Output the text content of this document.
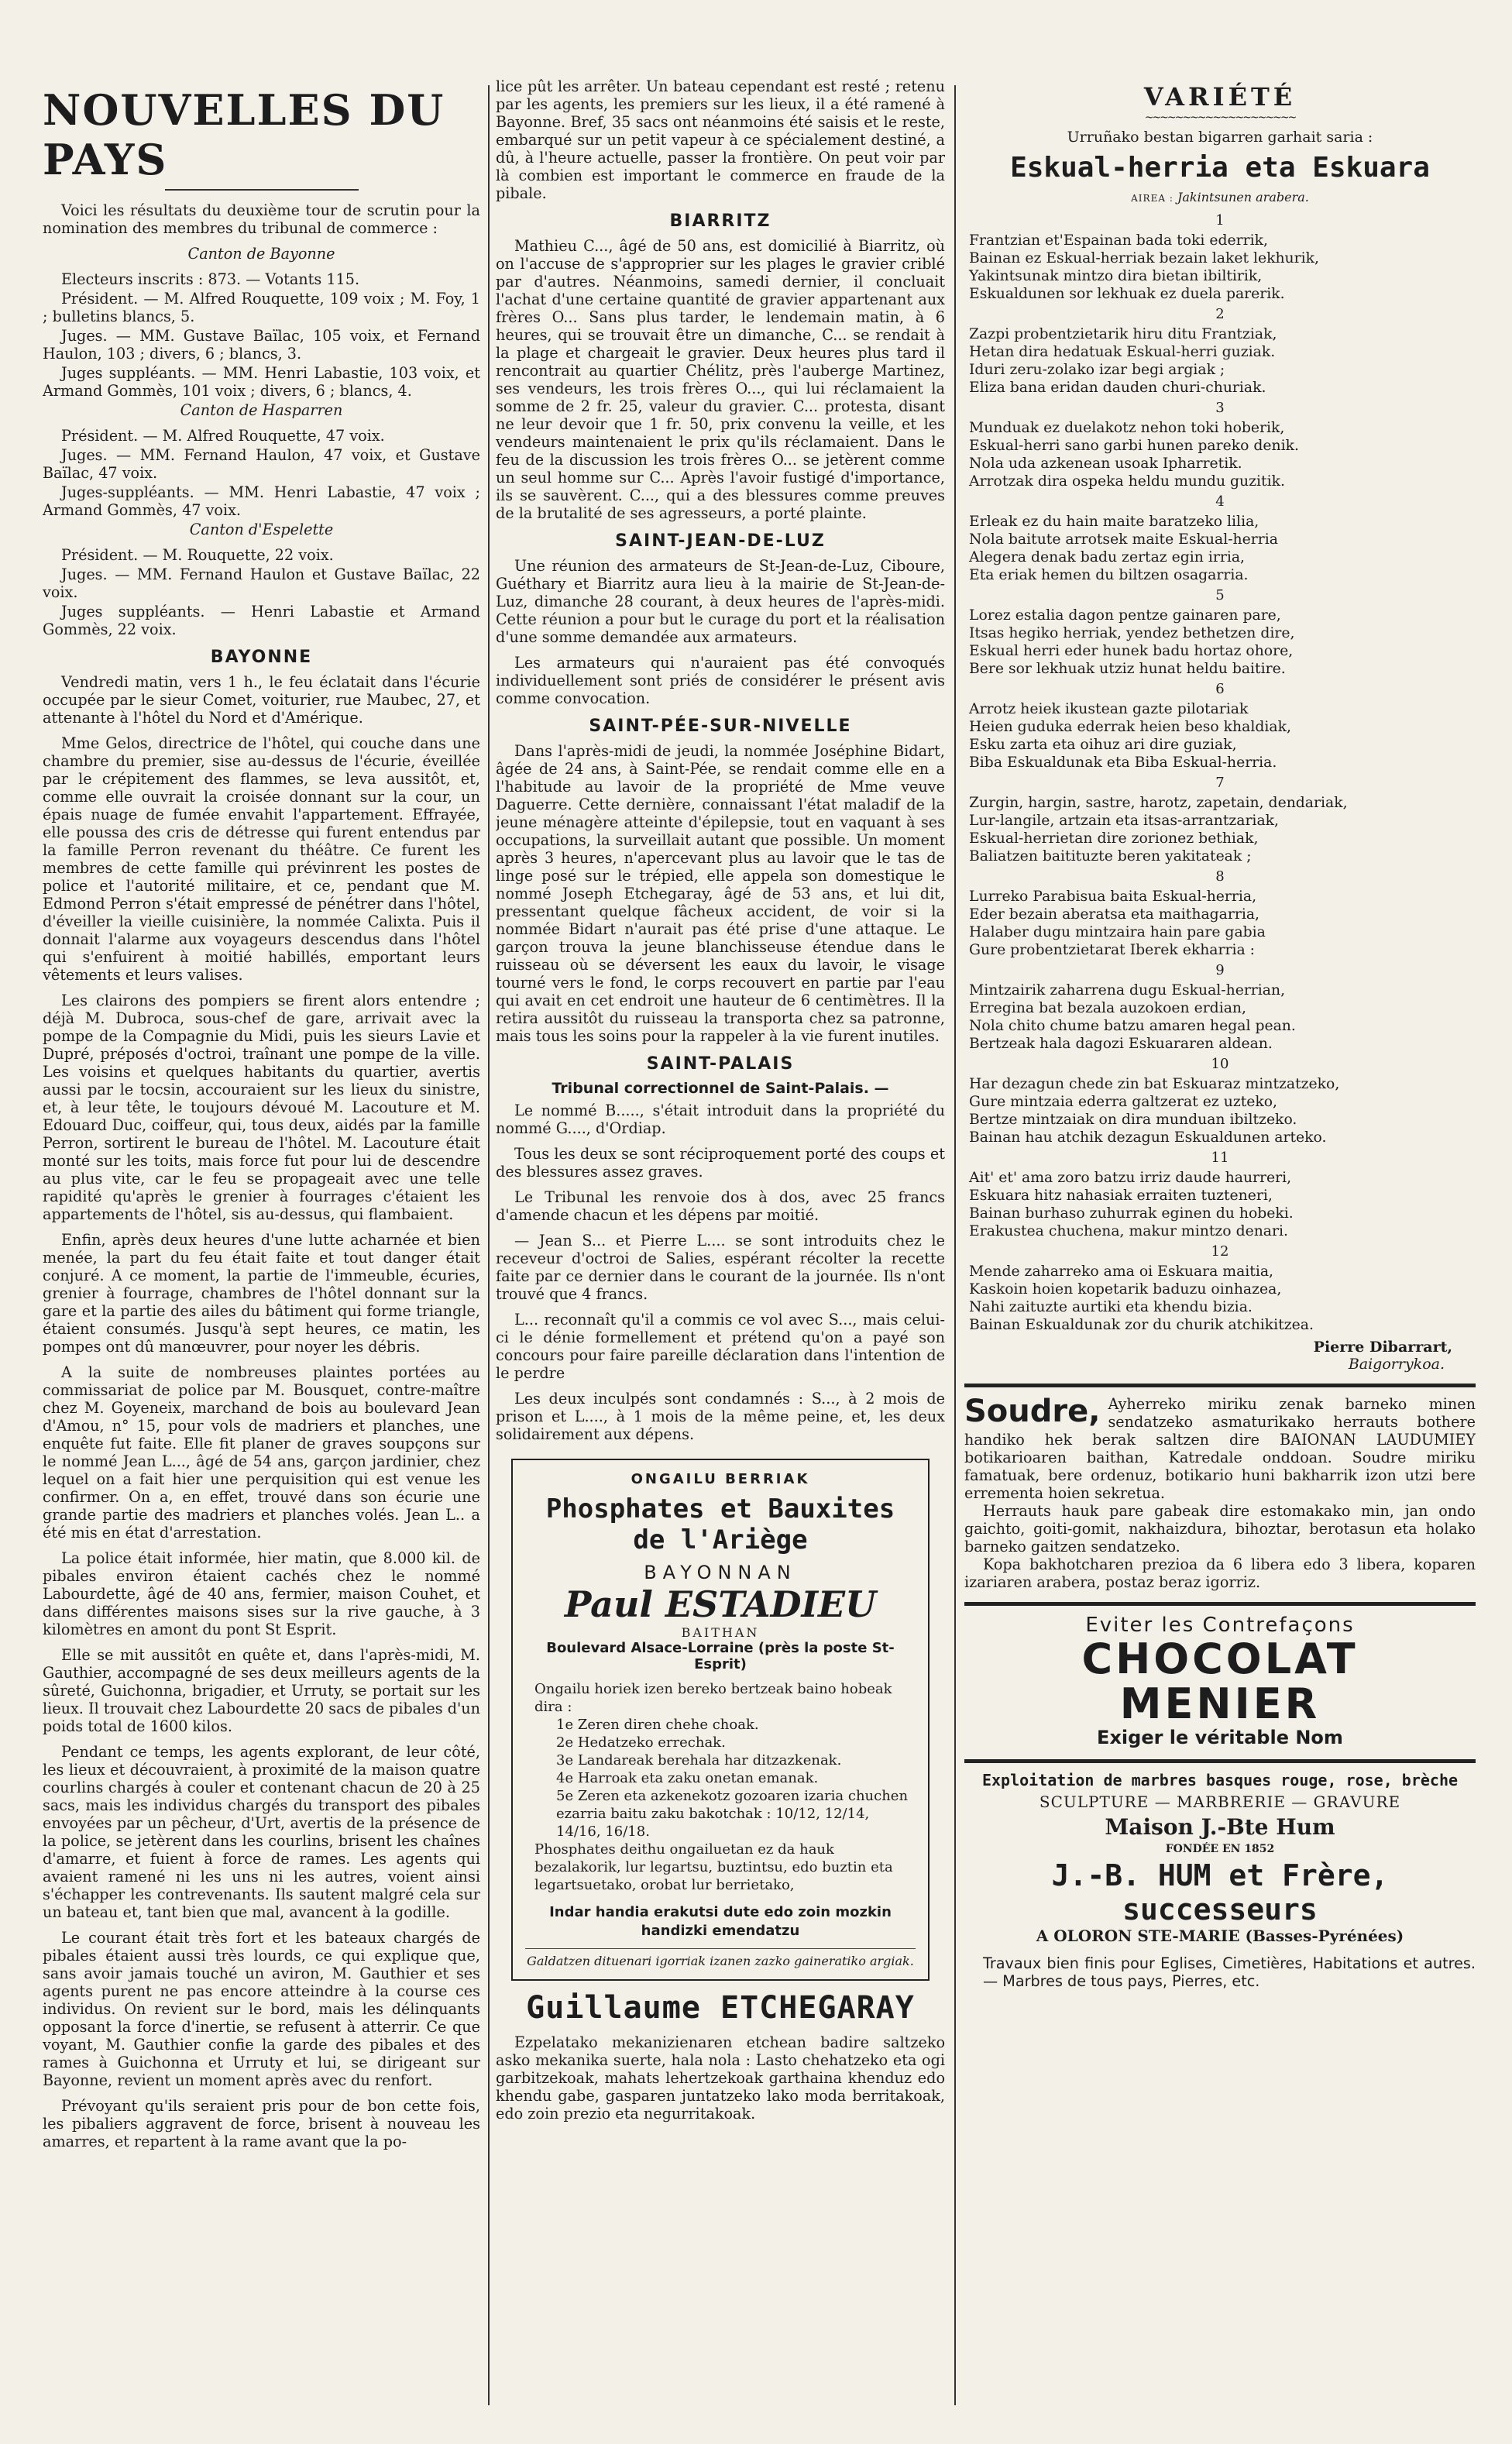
NOUVELLES DU PAYS

Voici les résultats du deuxième tour de scrutin pour la nomination des membres du tribunal de commerce :

Canton de Bayonne

Electeurs inscrits : 873. — Votants 115.

Président. — M. Alfred Rouquette, 109 voix ; M. Foy, 1 ; bulletins blancs, 5.

Juges. — MM. Gustave Baïlac, 105 voix, et Fernand Haulon, 103 ; divers, 6 ; blancs, 3.

Juges suppléants. — MM. Henri Labastie, 103 voix, et Armand Gommès, 101 voix ; divers, 6 ; blancs, 4.

Canton de Hasparren

Président. — M. Alfred Rouquette, 47 voix.

Juges. — MM. Fernand Haulon, 47 voix, et Gustave Baïlac, 47 voix.

Juges-suppléants. — MM. Henri Labastie, 47 voix ; Armand Gommès, 47 voix.

Canton d'Espelette

Président. — M. Rouquette, 22 voix.

Juges. — MM. Fernand Haulon et Gustave Baïlac, 22 voix.

Juges suppléants. — Henri Labastie et Armand Gommès, 22 voix.

BAYONNE

Vendredi matin, vers 1 h., le feu éclatait dans l'écurie occupée par le sieur Comet, voiturier, rue Maubec, 27, et attenante à l'hôtel du Nord et d'Amérique.

Mme Gelos, directrice de l'hôtel, qui couche dans une chambre du premier, sise au-dessus de l'écurie, éveillée par le crépitement des flammes, se leva aussitôt, et, comme elle ouvrait la croisée donnant sur la cour, un épais nuage de fumée envahit l'appartement. Effrayée, elle poussa des cris de détresse qui furent entendus par la famille Perron revenant du théâtre. Ce furent les membres de cette famille qui prévinrent les postes de police et l'autorité militaire, et ce, pendant que M. Edmond Perron s'était empressé de pénétrer dans l'hôtel, d'éveiller la vieille cuisinière, la nommée Calixta. Puis il donnait l'alarme aux voyageurs descendus dans l'hôtel qui s'enfuirent à moitié habillés, emportant leurs vêtements et leurs valises.

Les clairons des pompiers se firent alors entendre ; déjà M. Dubroca, sous-chef de gare, arrivait avec la pompe de la Compagnie du Midi, puis les sieurs Lavie et Dupré, préposés d'octroi, traînant une pompe de la ville. Les voisins et quelques habitants du quartier, avertis aussi par le tocsin, accouraient sur les lieux du sinistre, et, à leur tête, le toujours dévoué M. Lacouture et M. Edouard Duc, coiffeur, qui, tous deux, aidés par la famille Perron, sortirent le bureau de l'hôtel. M. Lacouture était monté sur les toits, mais force fut pour lui de descendre au plus vite, car le feu se propageait avec une telle rapidité qu'après le grenier à fourrages c'étaient les appartements de l'hôtel, sis au-dessus, qui flambaient.

Enfin, après deux heures d'une lutte acharnée et bien menée, la part du feu était faite et tout danger était conjuré. A ce moment, la partie de l'immeuble, écuries, grenier à fourrage, chambres de l'hôtel donnant sur la gare et la partie des ailes du bâtiment qui forme triangle, étaient consumés. Jusqu'à sept heures, ce matin, les pompes ont dû manœuvrer, pour noyer les débris.

A la suite de nombreuses plaintes portées au commissariat de police par M. Bousquet, contre-maître chez M. Goyeneix, marchand de bois au boulevard Jean d'Amou, n° 15, pour vols de madriers et planches, une enquête fut faite. Elle fit planer de graves soupçons sur le nommé Jean L..., âgé de 54 ans, garçon jardinier, chez lequel on a fait hier une perquisition qui est venue les confirmer. On a, en effet, trouvé dans son écurie une grande partie des madriers et planches volés. Jean L.. a été mis en état d'arrestation.

La police était informée, hier matin, que 8.000 kil. de pibales environ étaient cachés chez le nommé Labourdette, âgé de 40 ans, fermier, maison Couhet, et dans différentes maisons sises sur la rive gauche, à 3 kilomètres en amont du pont St Esprit.

Elle se mit aussitôt en quête et, dans l'après-midi, M. Gauthier, accompagné de ses deux meilleurs agents de la sûreté, Guichonna, brigadier, et Urruty, se portait sur les lieux. Il trouvait chez Labourdette 20 sacs de pibales d'un poids total de 1600 kilos.

Pendant ce temps, les agents explorant, de leur côté, les lieux et découvraient, à proximité de la maison quatre courlins chargés à couler et contenant chacun de 20 à 25 sacs, mais les individus chargés du transport des pibales envoyées par un pêcheur, d'Urt, avertis de la présence de la police, se jetèrent dans les courlins, brisent les chaînes d'amarre, et fuient à force de rames. Les agents qui avaient ramené ni les uns ni les autres, voient ainsi s'échapper les contrevenants. Ils sautent malgré cela sur un bateau et, tant bien que mal, avancent à la godille.

Le courant était très fort et les bateaux chargés de pibales étaient aussi très lourds, ce qui explique que, sans avoir jamais touché un aviron, M. Gauthier et ses agents purent ne pas encore atteindre à la course ces individus. On revient sur le bord, mais les délinquants opposant la force d'inertie, se refusent à atterrir. Ce que voyant, M. Gauthier confie la garde des pibales et des rames à Guichonna et Urruty et lui, se dirigeant sur Bayonne, revient un moment après avec du renfort.

Prévoyant qu'ils seraient pris pour de bon cette fois, les pibaliers aggravent de force, brisent à nouveau les amarres, et repartent à la rame avant que la po-

lice pût les arrêter. Un bateau cependant est resté ; retenu par les agents, les premiers sur les lieux, il a été ramené à Bayonne. Bref, 35 sacs ont néanmoins été saisis et le reste, embarqué sur un petit vapeur à ce spécialement destiné, a dû, à l'heure actuelle, passer la frontière. On peut voir par là combien est important le commerce en fraude de la pibale.

BIARRITZ

Mathieu C..., âgé de 50 ans, est domicilié à Biarritz, où on l'accuse de s'approprier sur les plages le gravier criblé par d'autres. Néanmoins, samedi dernier, il concluait l'achat d'une certaine quantité de gravier appartenant aux frères O... Sans plus tarder, le lendemain matin, à 6 heures, qui se trouvait être un dimanche, C... se rendait à la plage et chargeait le gravier. Deux heures plus tard il rencontrait au quartier Chélitz, près l'auberge Martinez, ses vendeurs, les trois frères O..., qui lui réclamaient la somme de 2 fr. 25, valeur du gravier. C... protesta, disant ne leur devoir que 1 fr. 50, prix convenu la veille, et les vendeurs maintenaient le prix qu'ils réclamaient. Dans le feu de la discussion les trois frères O... se jetèrent comme un seul homme sur C... Après l'avoir fustigé d'importance, ils se sauvèrent. C..., qui a des blessures comme preuves de la brutalité de ses agresseurs, a porté plainte.

SAINT-JEAN-DE-LUZ

Une réunion des armateurs de St-Jean-de-Luz, Ciboure, Guéthary et Biarritz aura lieu à la mairie de St-Jean-de-Luz, dimanche 28 courant, à deux heures de l'après-midi. Cette réunion a pour but le curage du port et la réalisation d'une somme demandée aux armateurs.

Les armateurs qui n'auraient pas été convoqués individuellement sont priés de considérer le présent avis comme convocation.

SAINT-PÉE-SUR-NIVELLE

Dans l'après-midi de jeudi, la nommée Joséphine Bidart, âgée de 24 ans, à Saint-Pée, se rendait comme elle en a l'habitude au lavoir de la propriété de Mme veuve Daguerre. Cette dernière, connaissant l'état maladif de la jeune ménagère atteinte d'épilepsie, tout en vaquant à ses occupations, la surveillait autant que possible. Un moment après 3 heures, n'apercevant plus au lavoir que le tas de linge posé sur le trépied, elle appela son domestique le nommé Joseph Etchegaray, âgé de 53 ans, et lui dit, pressentant quelque fâcheux accident, de voir si la nommée Bidart n'aurait pas été prise d'une attaque. Le garçon trouva la jeune blanchisseuse étendue dans le ruisseau où se déversent les eaux du lavoir, le visage tourné vers le fond, le corps recouvert en partie par l'eau qui avait en cet endroit une hauteur de 6 centimètres. Il la retira aussitôt du ruisseau la transporta chez sa patronne, mais tous les soins pour la rappeler à la vie furent inutiles.

SAINT-PALAIS
Tribunal correctionnel de Saint-Palais. —

Le nommé B....., s'était introduit dans la propriété du nommé G...., d'Ordiap.

Tous les deux se sont réciproquement porté des coups et des blessures assez graves.

Le Tribunal les renvoie dos à dos, avec 25 francs d'amende chacun et les dépens par moitié.

— Jean S... et Pierre L.... se sont introduits chez le receveur d'octroi de Salies, espérant récolter la recette faite par ce dernier dans le courant de la journée. Ils n'ont trouvé que 4 francs.

L... reconnaît qu'il a commis ce vol avec S..., mais celui-ci le dénie formellement et prétend qu'on a payé son concours pour faire pareille déclaration dans l'intention de le perdre

Les deux inculpés sont condamnés : S..., à 2 mois de prison et L...., à 1 mois de la même peine, et, les deux solidairement aux dépens.

ONGAILU BERRIAK
Phosphates et Bauxites de l'Ariège
BAYONNAN
Paul ESTADIEU
BAITHAN
Boulevard Alsace-Lorraine (près la poste St-Esprit)
Ongailu horiek izen bereko bertzeak baino hobeak dira :
1e Zeren diren chehe choak.
2e Hedatzeko errechak.
3e Landareak berehala har ditzazkenak.
4e Harroak eta zaku onetan emanak.
5e Zeren eta azkenekotz gozoaren izaria chuchen ezarria baitu zaku bakotchak : 10/12, 12/14, 14/16, 16/18.
Phosphates deithu ongailuetan ez da hauk bezalakorik, lur legartsu, buztintsu, edo buztin eta legartsuetako, orobat lur berrietako,
Indar handia erakutsi dute edo zoin mozkin handizki emendatzu
Galdatzen dituenari igorriak izanen zazko gaineratiko argiak.
Guillaume ETCHEGARAY

Ezpelatako mekanizienaren etchean badire saltzeko asko mekanika suerte, hala nola : Lasto chehatzeko eta ogi garbitzekoak, mahats lehertzekoak garthaina khenduz edo khendu gabe, gasparen juntatzeko lako moda berritakoak, edo zoin prezio eta negurritakoak.

VARIÉTÉ
~~~~~~~~~~~~~~~~~~~~
Urruñako bestan bigarren garhait saria :
Eskual-herria eta Eskuara
AIREA : Jakintsunen arabera.
1
Frantzian et'Espainan bada toki ederrik,
Bainan ez Eskual-herriak bezain laket lekhurik,
Yakintsunak mintzo dira bietan ibiltirik,
Eskualdunen sor lekhuak ez duela parerik.
2
Zazpi probentzietarik hiru ditu Frantziak,
Hetan dira hedatuak Eskual-herri guziak.
Iduri zeru-zolako izar begi argiak ;
Eliza bana eridan dauden churi-churiak.
3
Munduak ez duelakotz nehon toki hoberik,
Eskual-herri sano garbi hunen pareko denik.
Nola uda azkenean usoak Ipharretik.
Arrotzak dira ospeka heldu mundu guzitik.
4
Erleak ez du hain maite baratzeko lilia,
Nola baitute arrotsek maite Eskual-herria
Alegera denak badu zertaz egin irria,
Eta eriak hemen du biltzen osagarria.
5
Lorez estalia dagon pentze gainaren pare,
Itsas hegiko herriak, yendez bethetzen dire,
Eskual herri eder hunek badu hortaz ohore,
Bere sor lekhuak utziz hunat heldu baitire.
6
Arrotz heiek ikustean gazte pilotariak
Heien guduka ederrak heien beso khaldiak,
Esku zarta eta oihuz ari dire guziak,
Biba Eskualdunak eta Biba Eskual-herria.
7
Zurgin, hargin, sastre, harotz, zapetain, dendariak,
Lur-langile, artzain eta itsas-arrantzariak,
Eskual-herrietan dire zorionez bethiak,
Baliatzen baitituzte beren yakitateak ;
8
Lurreko Parabisua baita Eskual-herria,
Eder bezain aberatsa eta maithagarria,
Halaber dugu mintzaira hain pare gabia
Gure probentzietarat Iberek ekharria :
9
Mintzairik zaharrena dugu Eskual-herrian,
Erregina bat bezala auzokoen erdian,
Nola chito chume batzu amaren hegal pean.
Bertzeak hala dagozi Eskuararen aldean.
10
Har dezagun chede zin bat Eskuaraz mintzatzeko,
Gure mintzaia ederra galtzerat ez uzteko,
Bertze mintzaiak on dira munduan ibiltzeko.
Bainan hau atchik dezagun Eskualdunen arteko.
11
Ait' et' ama zoro batzu irriz daude haurreri,
Eskuara hitz nahasiak erraiten tuzteneri,
Bainan burhaso zuhurrak eginen du hobeki.
Erakustea chuchena, makur mintzo denari.
12
Mende zaharreko ama oi Eskuara maitia,
Kaskoin hoien kopetarik baduzu oinhazea,
Nahi zaituzte aurtiki eta khendu bizia.
Bainan Eskualdunak zor du churik atchikitzea.
Pierre Dibarrart,
Baigorrykoa.
Soudre, Ayherreko miriku zenak barneko minen sendatzeko asmaturikako herrauts bothere handiko hek berak saltzen dire BAIONAN LAUDUMIEY botikarioaren baithan, Katredale onddoan. Soudre miriku famatuak, bere ordenuz, botikario huni bakharrik izon utzi bere errementa hoien sekretua.
Herrauts hauk pare gabeak dire estomakako min, jan ondo gaichto, goiti-gomit, nakhaizdura, bihoztar, berotasun eta holako barneko gaitzen sendatzeko.
Kopa bakhotcharen prezioa da 6 libera edo 3 libera, koparen izariaren arabera, postaz beraz igorriz.
Eviter les Contrefaçons
CHOCOLAT
MENIER
Exiger le véritable Nom
Exploitation de marbres basques rouge, rose, brèche
SCULPTURE — MARBRERIE — GRAVURE
Maison J.-Bte Hum
FONDÉE EN 1852
J.-B. HUM et Frère, successeurs
A OLORON STE-MARIE (Basses-Pyrénées)
Travaux bien finis pour Eglises, Cimetières, Habitations et autres. — Marbres de tous pays, Pierres, etc.
